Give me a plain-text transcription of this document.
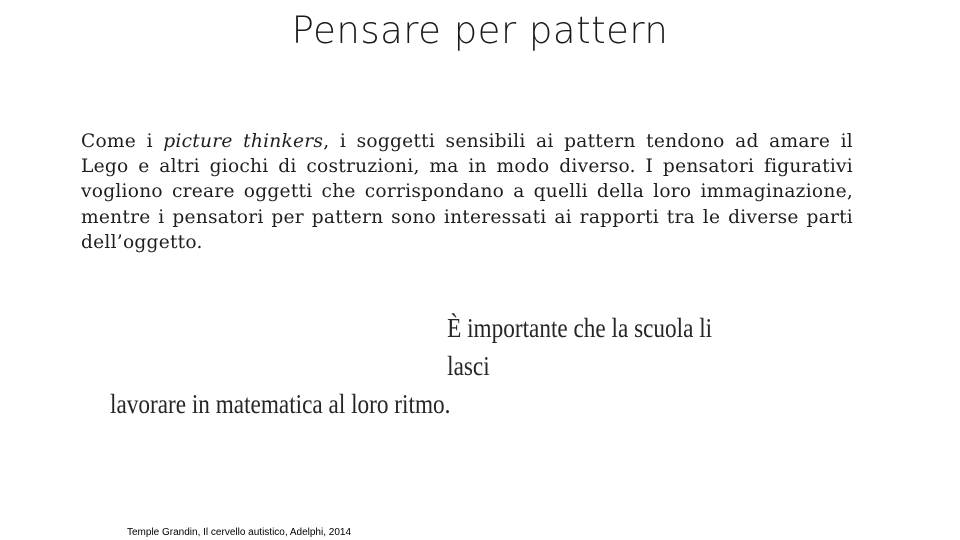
Pensare per pattern
Come i picture thinkers, i soggetti sensibili ai pattern tendono ad amare il Lego e altri giochi di costruzioni, ma in modo diverso. I pensatori figurativi vogliono creare oggetti che corrispondano a quelli della loro immaginazione, mentre i pensatori per pattern sono interessati ai rapporti tra le diverse parti dell’oggetto.
È importante che la scuola li lasci
lavorare in matematica al loro ritmo.
Temple Grandin, Il cervello autistico, Adelphi, 2014
